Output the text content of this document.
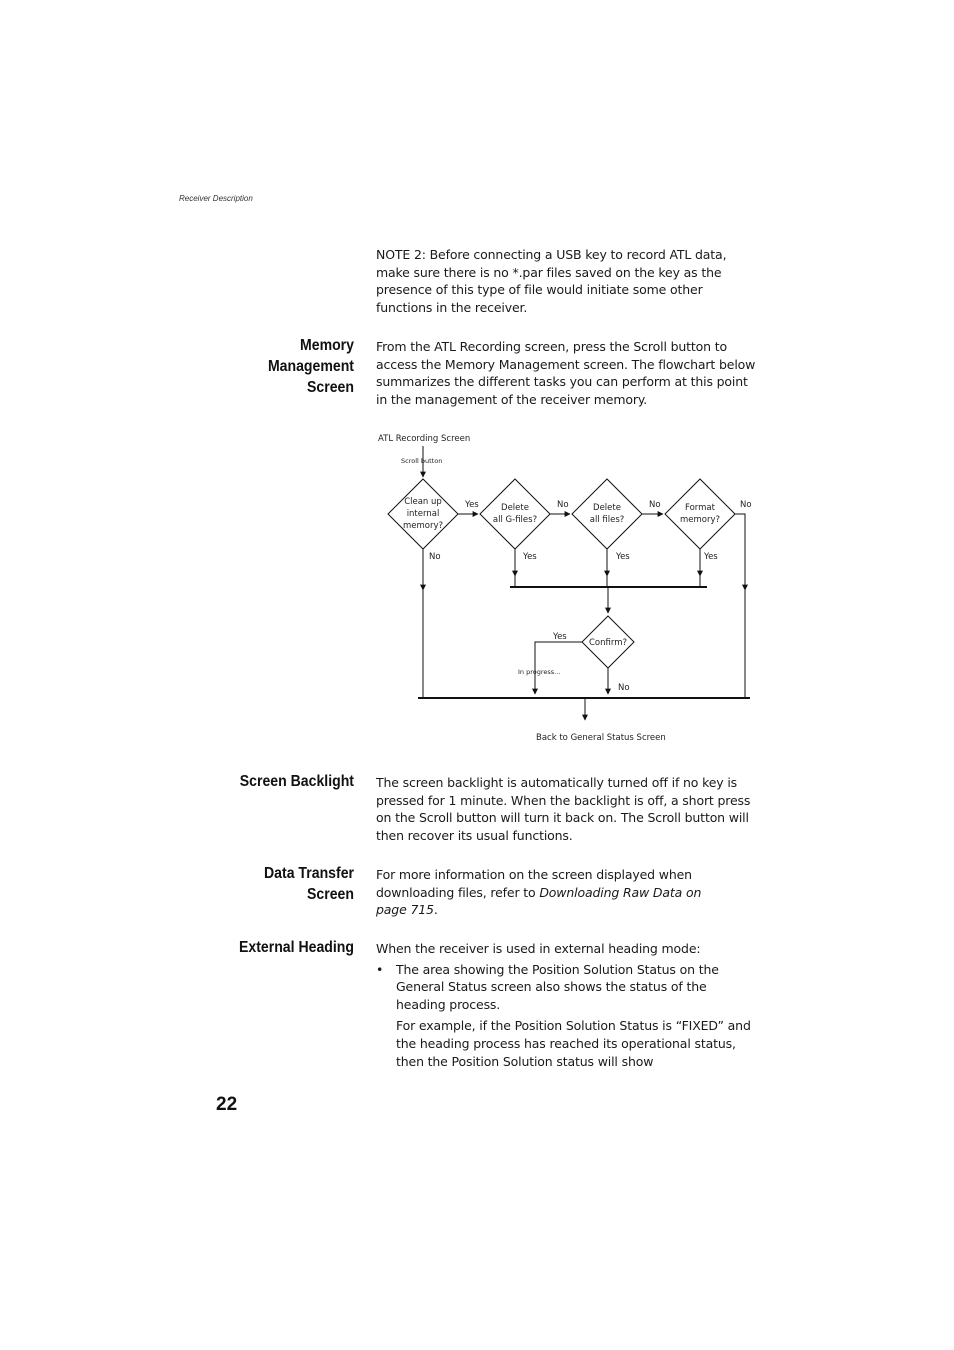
Receiver Description

NOTE 2: Before connecting a USB key to record ATL data, make sure there is no *.par files saved on the key as the presence of this type of file would initiate some other functions in the receiver.

Memory
Management
Screen

From the ATL Recording screen, press the Scroll button to access the Memory Management screen. The flowchart below summarizes the different tasks you can perform at this point in the management of the receiver memory.

ATL Recording Screen
Scroll button
Clean up
internal
memory?
Delete
all G-files?
Delete
all files?
Format
memory?
Yes	No	No	No
No	Yes	Yes	Yes
Confirm?
Yes
In progress...
No
Back to General Status Screen
Screen Backlight The screen backlight is automatically turned off if no key is pressed for 1 minute. When the backlight is off, a short press on the Scroll button will turn it back on. The Scroll button will then recover its usual functions.

Data Transfer
Screen

For more information on the screen displayed when downloading files, refer to Downloading Raw Data on page 715.

External Heading When the receiver is used in external heading mode:

•	The area showing the Position Solution Status on the General Status screen also shows the status of the heading process.

For example, if the Position Solution Status is “FIXED” and the heading process has reached its operational status, then the Position Solution status will show

22
